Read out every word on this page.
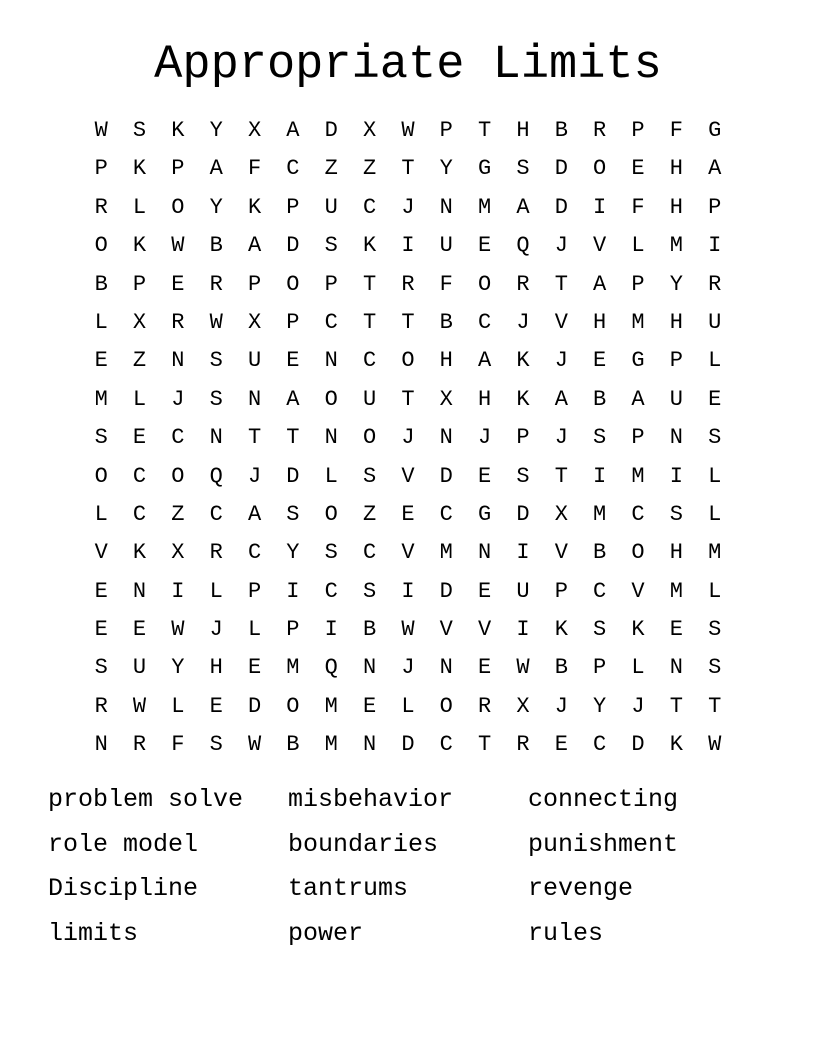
Appropriate Limits
W	S	K	Y	X	A	D	X	W	P	T	H	B	R	P	F	G
P	K	P	A	F	C	Z	Z	T	Y	G	S	D	O	E	H	A
R	L	O	Y	K	P	U	C	J	N	M	A	D	I	F	H	P
O	K	W	B	A	D	S	K	I	U	E	Q	J	V	L	M	I
B	P	E	R	P	O	P	T	R	F	O	R	T	A	P	Y	R
L	X	R	W	X	P	C	T	T	B	C	J	V	H	M	H	U
E	Z	N	S	U	E	N	C	O	H	A	K	J	E	G	P	L
M	L	J	S	N	A	O	U	T	X	H	K	A	B	A	U	E
S	E	C	N	T	T	N	O	J	N	J	P	J	S	P	N	S
O	C	O	Q	J	D	L	S	V	D	E	S	T	I	M	I	L
L	C	Z	C	A	S	O	Z	E	C	G	D	X	M	C	S	L
V	K	X	R	C	Y	S	C	V	M	N	I	V	B	O	H	M
E	N	I	L	P	I	C	S	I	D	E	U	P	C	V	M	L
E	E	W	J	L	P	I	B	W	V	V	I	K	S	K	E	S
S	U	Y	H	E	M	Q	N	J	N	E	W	B	P	L	N	S
R	W	L	E	D	O	M	E	L	O	R	X	J	Y	J	T	T
N	R	F	S	W	B	M	N	D	C	T	R	E	C	D	K	W
problem solve	misbehavior	connecting
role model	boundaries	punishment
Discipline	tantrums	revenge
limits	power	rules
